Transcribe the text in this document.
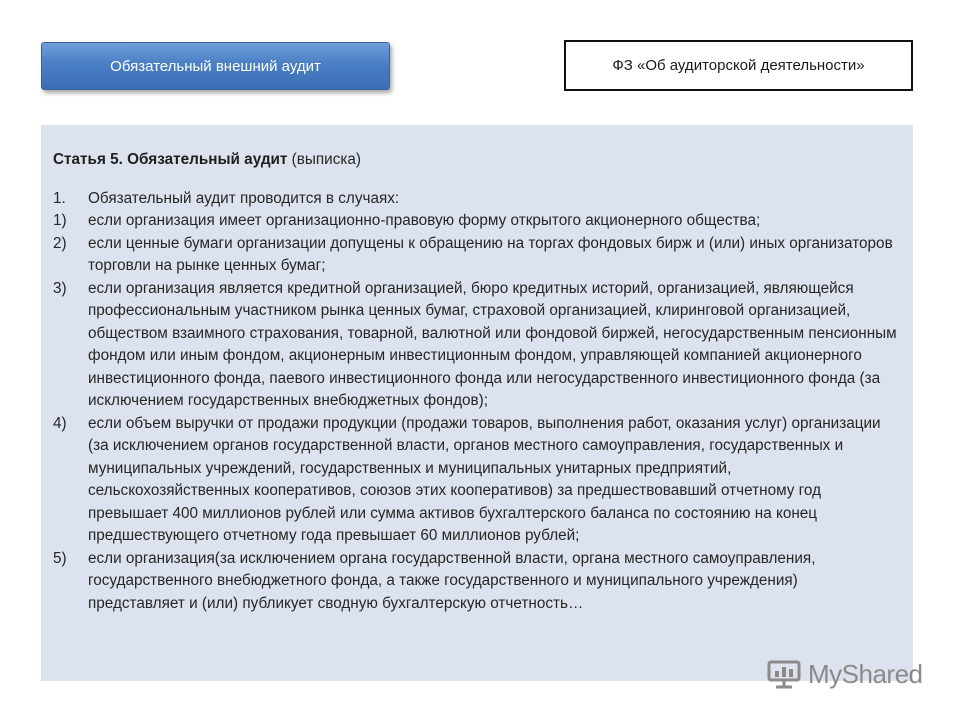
Обязательный внешний аудит	ФЗ «Об аудиторской деятельности»
Статья 5. Обязательный аудит (выписка)
1.	Обязательный аудит проводится в случаях:
1)	если организация имеет организационно-правовую форму открытого акционерного общества;
2)	если ценные бумаги организации допущены к обращению на торгах фондовых бирж и (или) иных организаторов торговли на рынке ценных бумаг;
3)	если организация является кредитной организацией, бюро кредитных историй, организацией, являющейся профессиональным участником рынка ценных бумаг, страховой организацией, клиринговой организацией, обществом взаимного страхования, товарной, валютной или фондовой биржей, негосударственным пенсионным фондом или иным фондом, акционерным инвестиционным фондом, управляющей компанией акционерного инвестиционного фонда, паевого инвестиционного фонда или негосударственного инвестиционного фонда (за исключением государственных внебюджетных фондов);
4)	если объем выручки от продажи продукции (продажи товаров, выполнения работ, оказания услуг) организации (за исключением органов государственной власти, органов местного самоуправления, государственных и муниципальных учреждений, государственных и муниципальных унитарных предприятий, сельскохозяйственных кооперативов, союзов этих кооперативов) за предшествовавший отчетному год превышает 400 миллионов рублей или сумма активов бухгалтерского баланса по состоянию на конец предшествующего отчетному года превышает 60 миллионов рублей;
5)	если организация(за исключением органа государственной власти, органа местного самоуправления, государственного внебюджетного фонда, а также государственного и муниципального учреждения) представляет и (или) публикует сводную бухгалтерскую отчетность…
MyShared
